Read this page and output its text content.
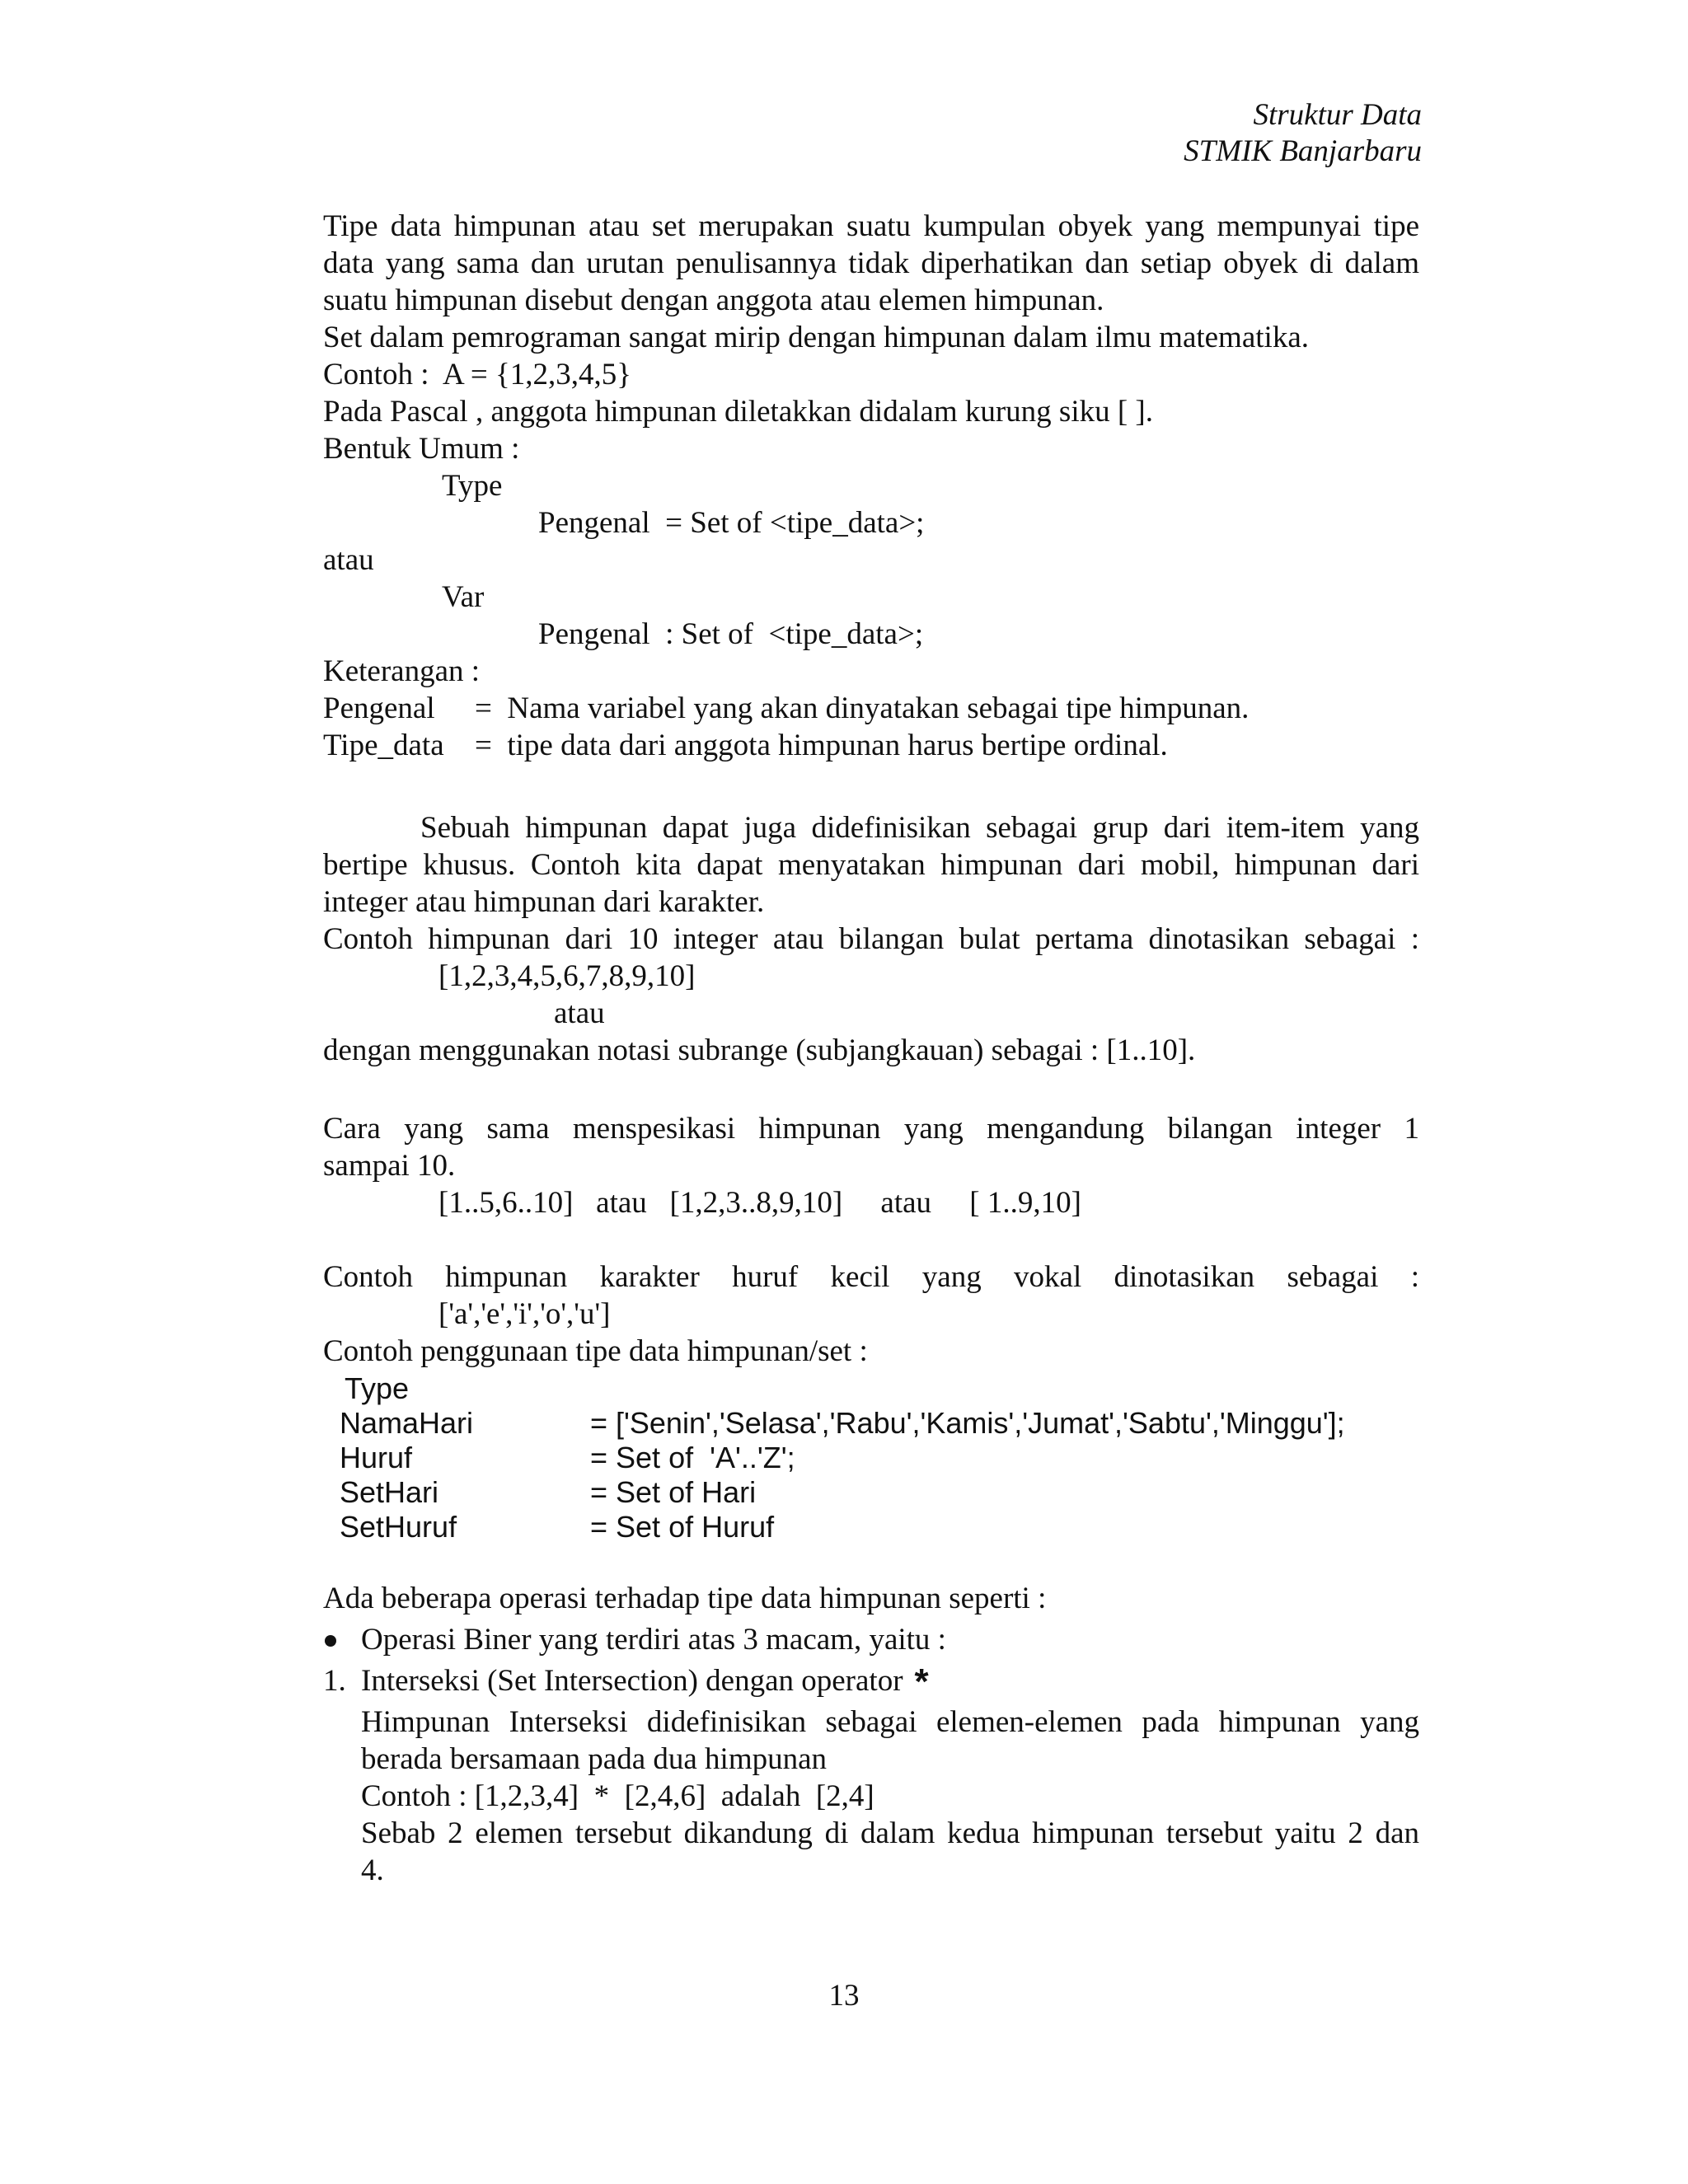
Struktur Data
STMIK Banjarbaru
Tipe data himpunan atau set merupakan suatu kumpulan obyek yang mempunyai tipe
data yang sama dan urutan penulisannya tidak diperhatikan dan setiap obyek di dalam
suatu himpunan disebut dengan anggota atau elemen himpunan.
Set dalam pemrograman sangat mirip dengan himpunan dalam ilmu matematika.
Contoh :  A = {1,2,3,4,5}
Pada Pascal , anggota himpunan diletakkan didalam kurung siku [ ].
Bentuk Umum :
Type
Pengenal  = Set of <tipe_data>;
atau
Var
Pengenal  : Set of  <tipe_data>;
Keterangan :
Pengenal =  Nama variabel yang akan dinyatakan sebagai tipe himpunan.
Tipe_data =  tipe data dari anggota himpunan harus bertipe ordinal.
Sebuah himpunan dapat juga didefinisikan sebagai grup dari item-item yang
bertipe khusus. Contoh kita dapat menyatakan himpunan dari mobil, himpunan dari
integer atau himpunan dari karakter.
Contoh himpunan dari 10 integer atau bilangan bulat pertama dinotasikan sebagai :
[1,2,3,4,5,6,7,8,9,10]
atau
dengan menggunakan notasi subrange (subjangkauan) sebagai : [1..10].
Cara yang sama menspesikasi himpunan yang mengandung bilangan integer 1
sampai 10.
[1..5,6..10]   atau   [1,2,3..8,9,10]     atau     [ 1..9,10]
Contoh himpunan karakter huruf kecil yang vokal dinotasikan sebagai :
['a','e','i','o','u']
Contoh penggunaan tipe data himpunan/set :
Type
NamaHari	= ['Senin','Selasa','Rabu','Kamis','Jumat','Sabtu','Minggu'];
Huruf	= Set of  'A'..'Z';
SetHari	= Set of Hari
SetHuruf	= Set of Huruf
Ada beberapa operasi terhadap tipe data himpunan seperti :
Operasi Biner yang terdiri atas 3 macam, yaitu :
1. Interseksi (Set Intersection) dengan operator *
Himpunan Interseksi didefinisikan sebagai elemen-elemen pada himpunan yang
berada bersamaan pada dua himpunan
Contoh : [1,2,3,4]  *  [2,4,6]  adalah  [2,4]
Sebab 2 elemen tersebut dikandung di dalam kedua himpunan tersebut yaitu 2 dan
4.
13
